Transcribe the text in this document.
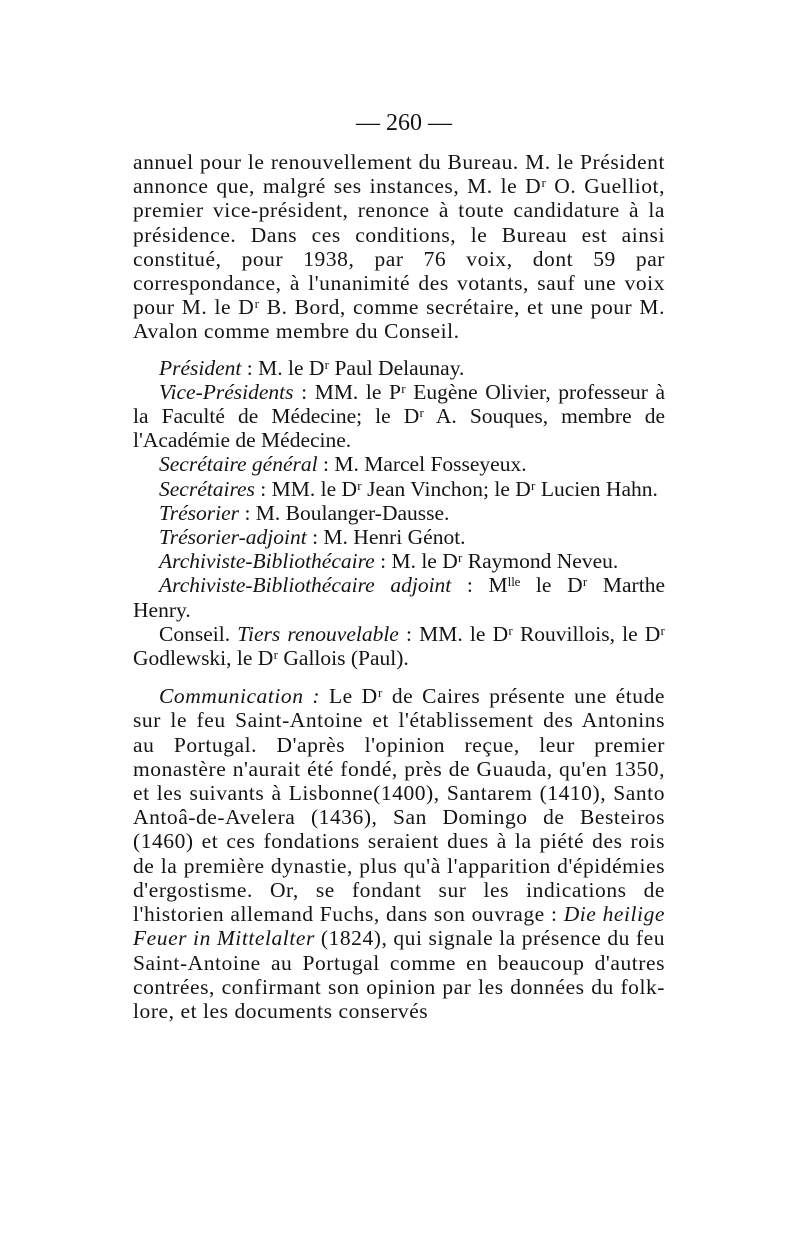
— 260 —

annuel pour le renouvellement du Bureau. M. le Président annonce que, malgré ses instances, M. le Dʳ O. Guelliot, premier vice-président, renonce à toute candidature à la présidence. Dans ces conditions, le Bureau est ainsi constitué, pour 1938, par 76 voix, dont 59 par correspondance, à l'unanimité des votants, sauf une voix pour M. le Dʳ B. Bord, comme secrétaire, et une pour M. Avalon comme membre du Conseil.

Président : M. le Dʳ Paul Delaunay.

Vice-Présidents : MM. le Pʳ Eugène Olivier, professeur à la Faculté de Médecine; le Dʳ A. Souques, membre de l'Académie de Médecine.

Secrétaire général : M. Marcel Fosseyeux.

Secrétaires : MM. le Dʳ Jean Vinchon; le Dʳ Lucien Hahn.

Trésorier : M. Boulanger-Dausse.

Trésorier-adjoint : M. Henri Génot.

Archiviste-Bibliothécaire : M. le Dʳ Raymond Neveu.

Archiviste-Bibliothécaire adjoint : Mˡˡᵉ le Dʳ Marthe Henry.

Conseil. Tiers renouvelable : MM. le Dʳ Rouvillois, le Dʳ Godlewski, le Dʳ Gallois (Paul).

Communication : Le Dʳ de Caires présente une étude sur le feu Saint-Antoine et l'établissement des Antonins au Portugal. D'après l'opinion reçue, leur premier monastère n'aurait été fondé, près de Guauda, qu'en 1350, et les suivants à Lisbonne(1400), Santarem (1410), Santo Antoâ-de-Avelera (1436), San Domingo de Besteiros (1460) et ces fondations seraient dues à la piété des rois de la première dynastie, plus qu'à l'apparition d'épidémies d'ergostisme. Or, se fondant sur les indications de l'historien allemand Fuchs, dans son ouvrage : Die heilige Feuer in Mittelalter (1824), qui signale la présence du feu Saint-Antoine au Portugal comme en beaucoup d'autres contrées, confirmant son opinion par les données du folk-lore, et les documents conservés
